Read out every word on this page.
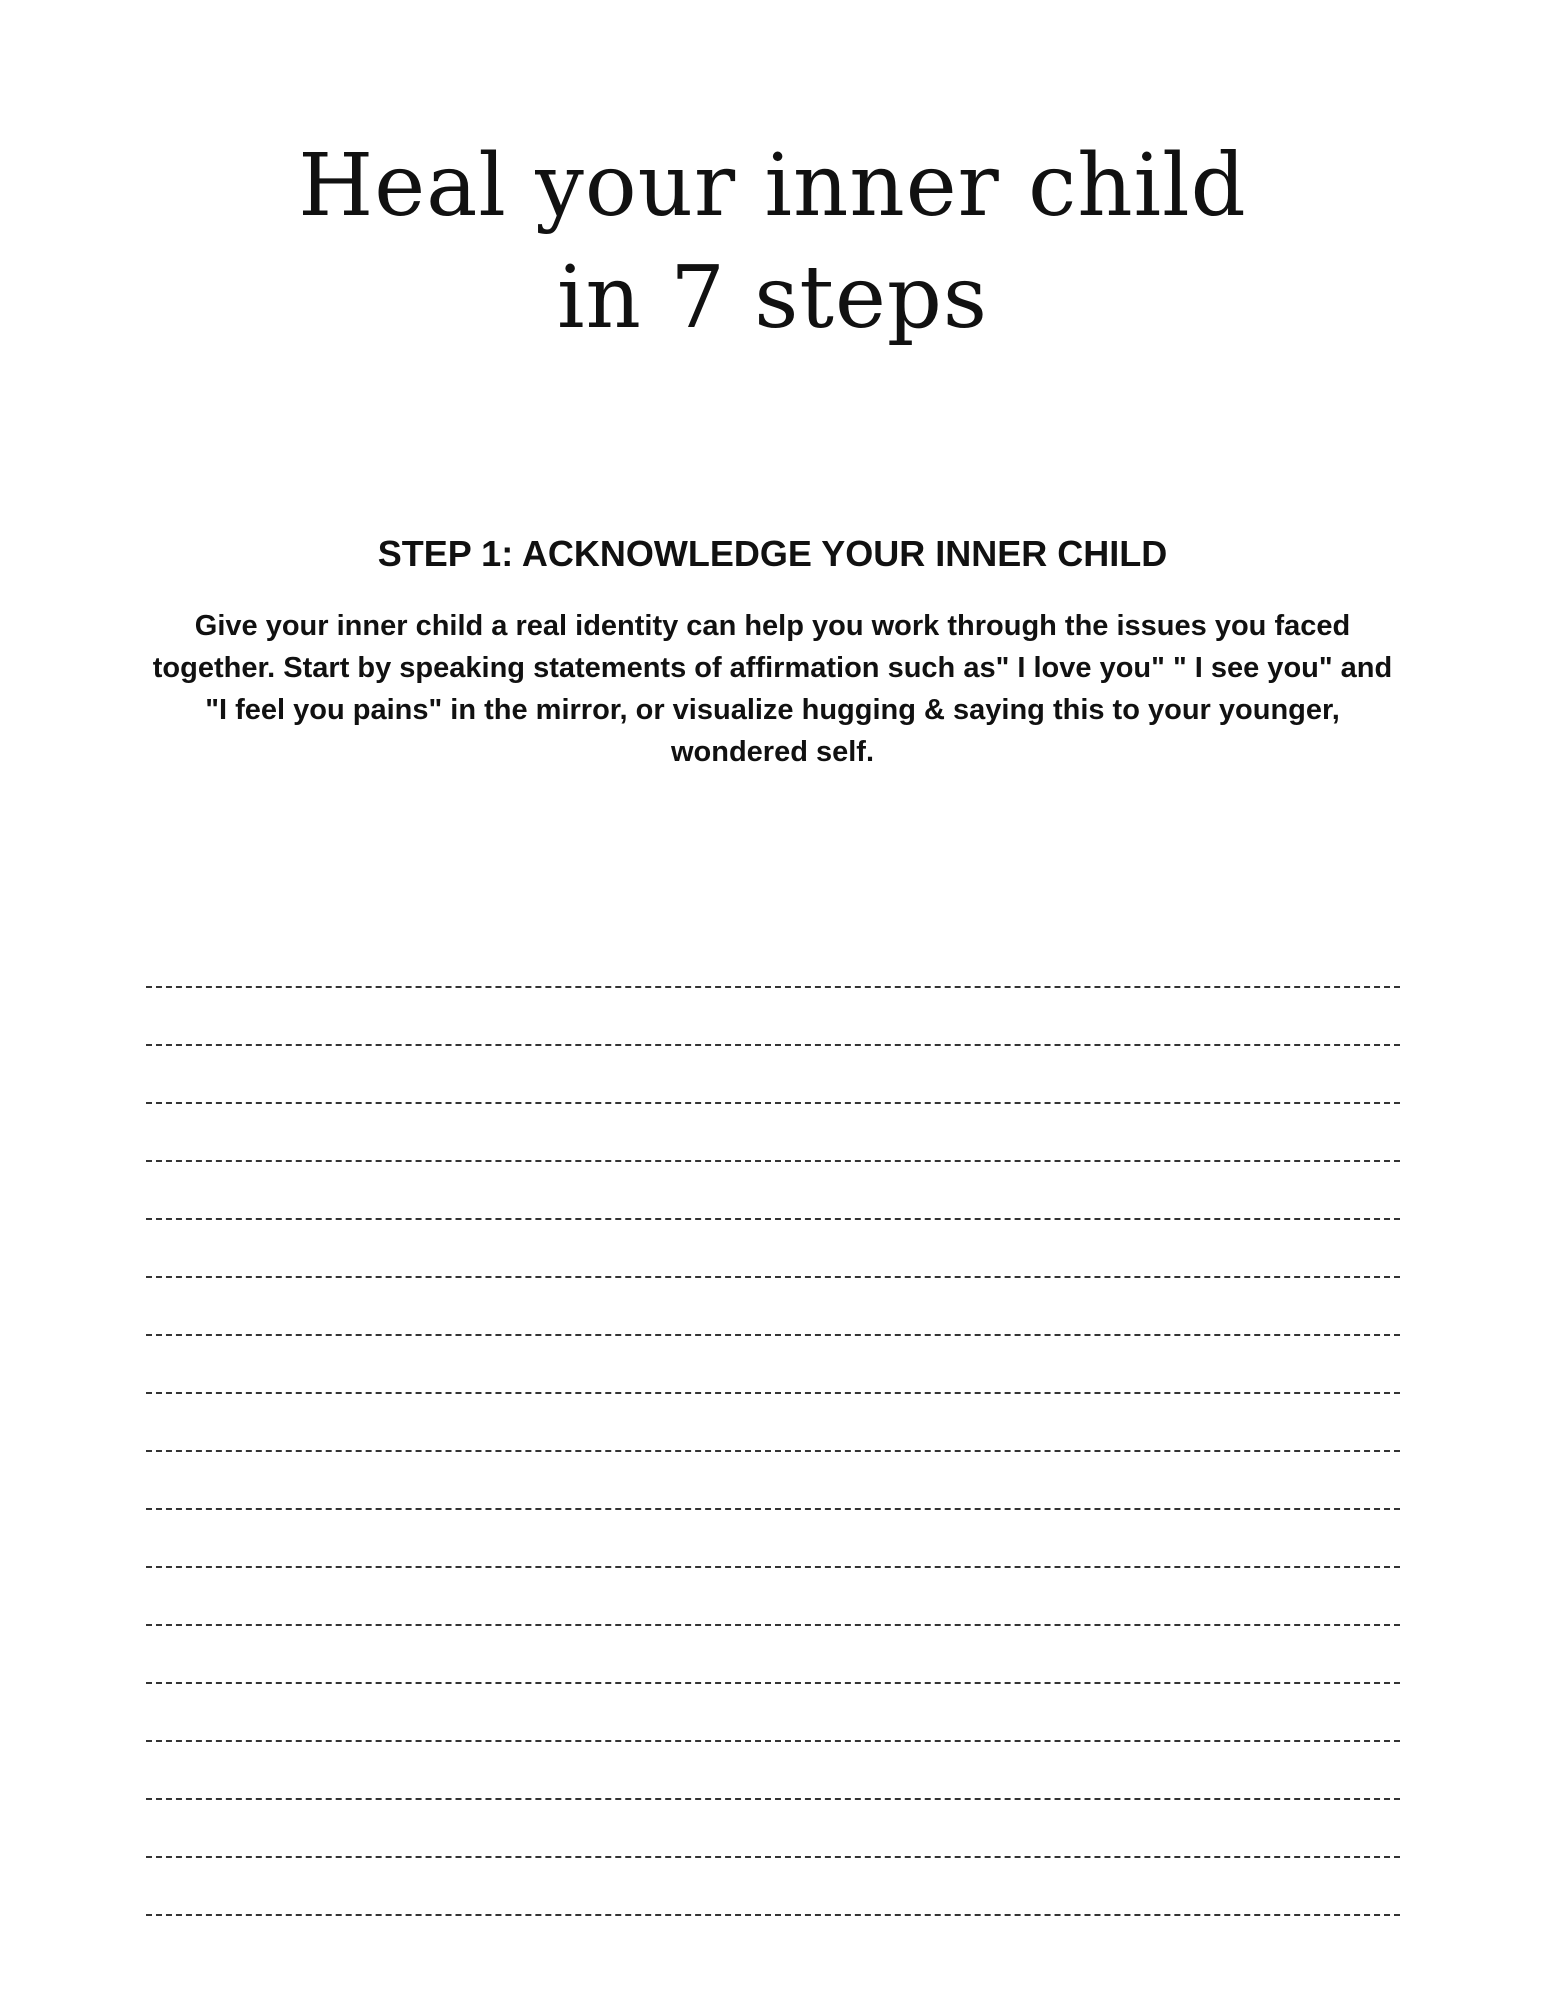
Heal your inner child
in 7 steps
STEP 1: ACKNOWLEDGE YOUR INNER CHILD

Give your inner child a real identity can help you work through the issues you faced together. Start by speaking statements of affirmation such as" I love you" " I see you" and "I feel you pains" in the mirror, or visualize hugging & saying this to your younger, wondered self.
